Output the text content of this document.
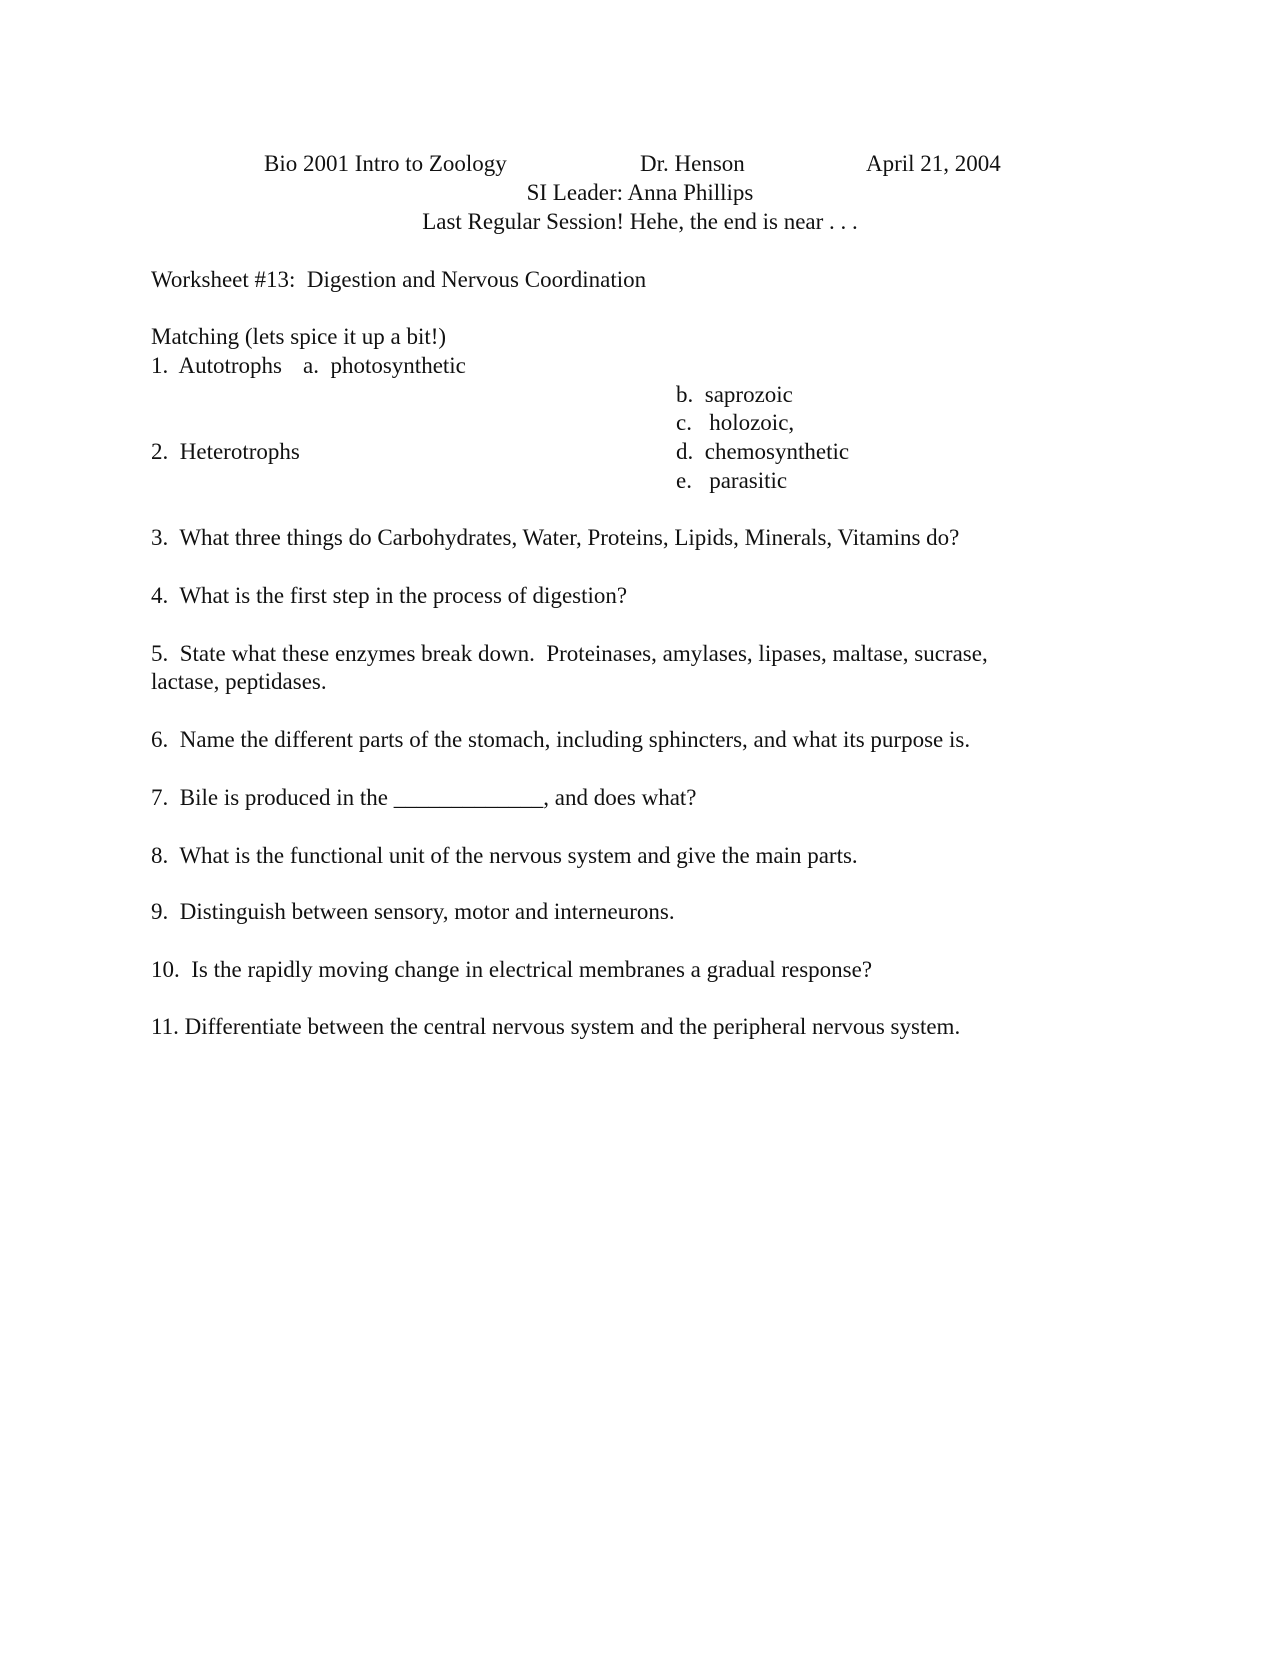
Bio 2001 Intro to Zoology	Dr. Henson	April 21, 2004
SI Leader: Anna Phillips
Last Regular Session! Hehe, the end is near . . .
Worksheet #13:  Digestion and Nervous Coordination
Matching (lets spice it up a bit!)
1.  Autotrophs a.  photosynthetic
b.  saprozoic
c.   holozoic,
2.  Heterotrophs	d.  chemosynthetic
e.   parasitic
3.  What three things do Carbohydrates, Water, Proteins, Lipids, Minerals, Vitamins do?
4.  What is the first step in the process of digestion?
5.  State what these enzymes break down.  Proteinases, amylases, lipases, maltase, sucrase,
lactase, peptidases.
6.  Name the different parts of the stomach, including sphincters, and what its purpose is.
7.  Bile is produced in the _____________, and does what?
8.  What is the functional unit of the nervous system and give the main parts.
9.  Distinguish between sensory, motor and interneurons.
10.  Is the rapidly moving change in electrical membranes a gradual response?
11. Differentiate between the central nervous system and the peripheral nervous system.
